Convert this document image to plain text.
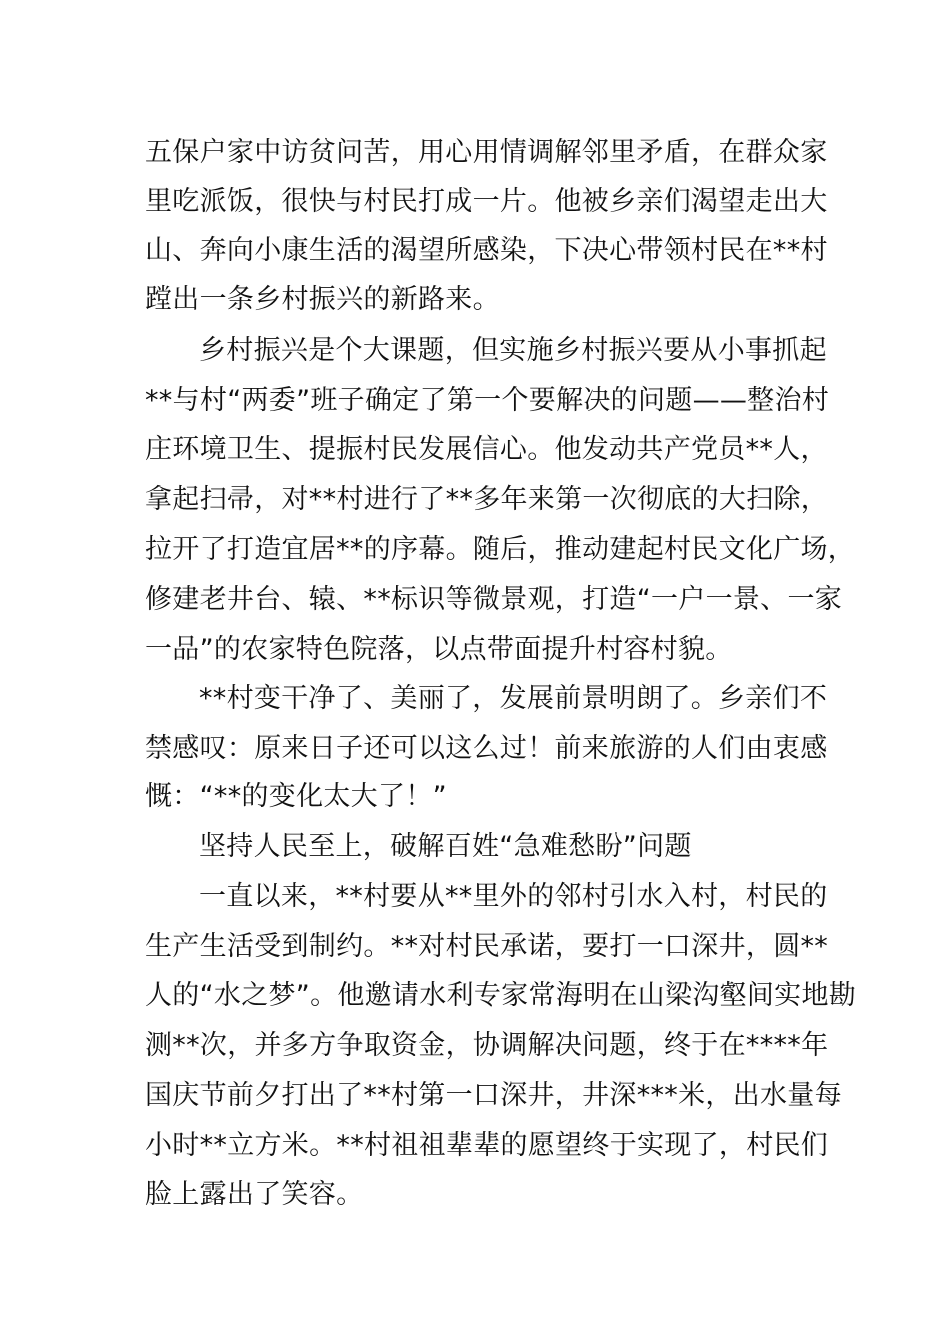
五保户家中访贫问苦，用心用情调解邻里矛盾，在群众家
里吃派饭，很快与村民打成一片。他被乡亲们渴望走出大
山、奔向小康生活的渴望所感染，下决心带领村民在**村
蹚出一条乡村振兴的新路来。
乡村振兴是个大课题，但实施乡村振兴要从小事抓起
**与村“两委”班子确定了第一个要解决的问题——整治村
庄环境卫生、提振村民发展信心。他发动共产党员**人，
拿起扫帚，对**村进行了**多年来第一次彻底的大扫除，
拉开了打造宜居**的序幕。随后，推动建起村民文化广场，
修建老井台、辕、**标识等微景观，打造“一户一景、一家
一品”的农家特色院落，以点带面提升村容村貌。
**村变干净了、美丽了，发展前景明朗了。乡亲们不
禁感叹：原来日子还可以这么过！前来旅游的人们由衷感
慨：“**的变化太大了！”
坚持人民至上，破解百姓“急难愁盼”问题
一直以来，**村要从**里外的邻村引水入村，村民的
生产生活受到制约。**对村民承诺，要打一口深井，圆**
人的“水之梦”。他邀请水利专家常海明在山梁沟壑间实地勘
测**次，并多方争取资金，协调解决问题，终于在****年
国庆节前夕打出了**村第一口深井，井深***米，出水量每
小时**立方米。**村祖祖辈辈的愿望终于实现了，村民们
脸上露出了笑容。
